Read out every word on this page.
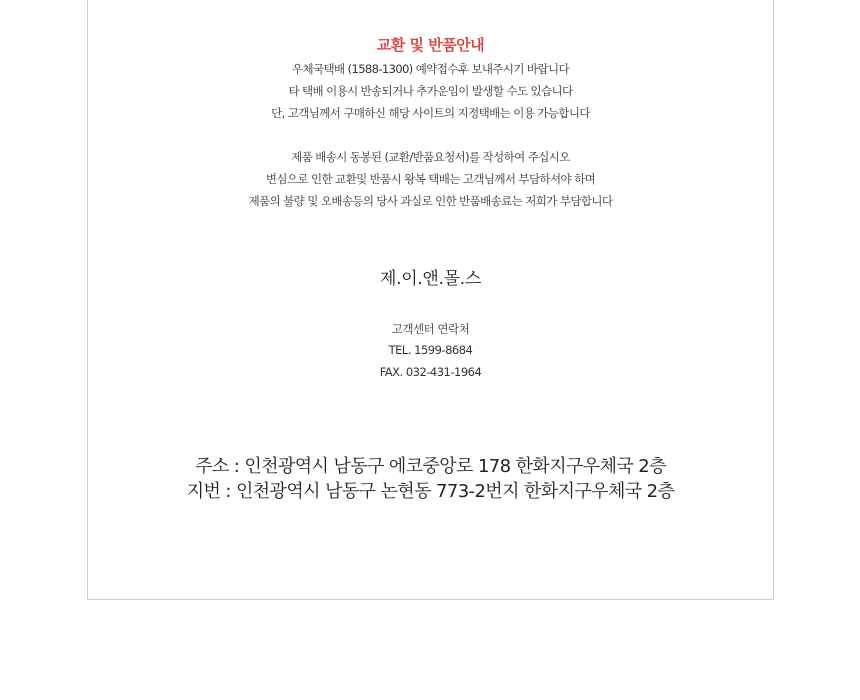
교환 및 반품안내
우체국택배 (1588-1300) 예약접수후 보내주시기 바랍니다
타 택배 이용시 반송되거나 추가운임이 발생할 수도 있습니다
단, 고객님께서 구매하신 해당 사이트의 지정택배는 이용 가능합니다
제품 배송시 동봉된 (교환/반품요청서)를 작성하여 주십시오
변심으로 인한 교환및 반품시 왕복 택배는 고객님께서 부담하셔야 하며
제품의 불량 및 오배송등의 당사 과실로 인한 반품배송료는 저희가 부담합니다
제.이.앤.몰.스
고객센터 연락처
TEL. 1599-8684
FAX. 032-431-1964
주소 : 인천광역시 남동구 에코중앙로 178 한화지구우체국 2층
지번 : 인천광역시 남동구 논현동 773-2번지 한화지구우체국 2층
